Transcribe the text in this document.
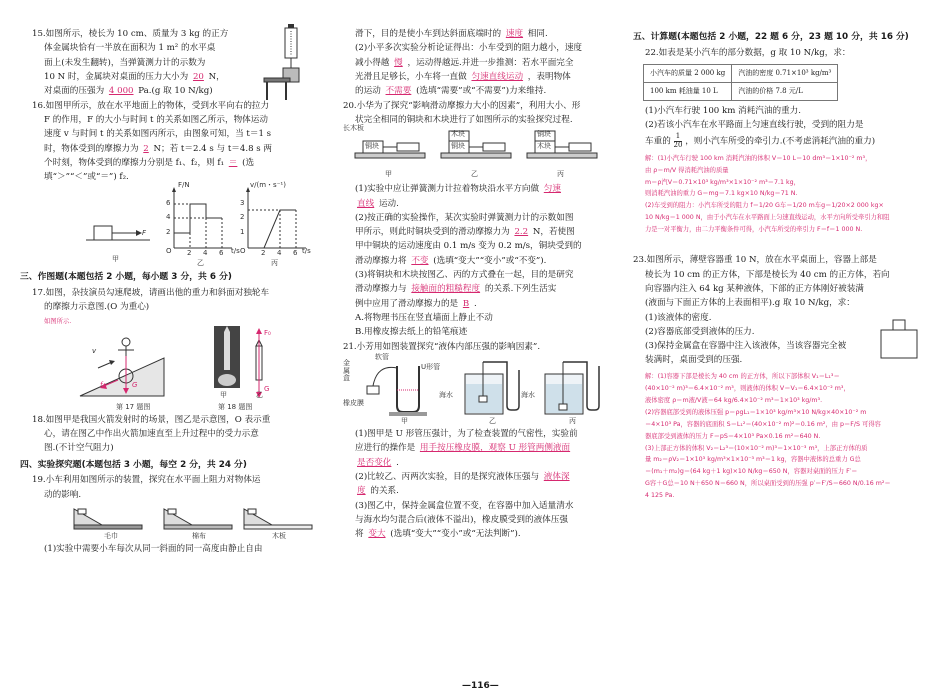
15.如图所示，棱长为 10 cm、质量为 3 kg 的正方

体金属块恰有一半放在面积为 1 m² 的水平桌

面上(未发生翻转)，当弹簧测力计的示数为

10 N 时，金属块对桌面的压力大小为 20 N，

对桌面的压强为 4 000 Pa.(g 取 10 N/kg)

16.如图甲所示，放在水平地面上的物体，受到水平向右的拉力

F 的作用，F 的大小与时间 t 的关系如图乙所示，物体运动

速度 v 与时间 t 的关系如图丙所示，由图象可知，当 t＝1 s

时，物体受到的摩擦力为 2 N；若 t＝2.4 s 与 t＝4.8 s 两

个时刻，物体受到的摩擦力分别是 f₁、f₂，则 f₁ ＝ (选

填“＞”“＜”或“＝”) f₂.

F
甲
F/N
6
4
2
O 2 4 6 t/s
乙
v/(m・s⁻¹)
3
2
1
O 2 4 6 t/s
丙

三、作图题(本题包括 2 小题，每小题 3 分，共 6 分)

17.如图，杂技演员勾速爬坡，请画出他的重力和斜面对独轮车

的摩擦力示意图.(O 为重心)

如图所示.

v
G
f
第 17 题图
甲	乙
F₀
G
第 18 题图

18.如图甲是我国火箭发射时的场景，图乙是示意图，O 表示重

心，请在图乙中作出火箭加速直至上升过程中的受力示意

图.(不计空气阻力)

四、实验探究题(本题包括 3 小题，每空 2 分，共 24 分)

19.小车利用如图所示的装置，探究在水平面上阻力对物体运

动的影响.

毛巾	棉布	木板

(1)实验中需要小车每次从同一斜面的同一高度由静止自由

滑下，目的是使小车到达斜面底端时的 速度 相同.

(2)小平多次实验分析论证得出：小车受到的阻力越小，速度

减小得越 慢 ，运动得越远.并进一步推测：若水平面完全

光滑且足够长，小车将一直做 匀速直线运动 ，表明物体

的运动 不需要 (选填“需要”或“不需要”)力来维持.

20.小华为了探究“影响滑动摩擦力大小的因素”，利用大小、形

状完全相同的铜块和木块进行了如图所示的实验探究过程.

长木板
铜块
木块
铜块
铜块
木块
甲	乙	丙

(1)实验中应让弹簧测力计拉着物块沿水平方向做 匀速

直线 运动.

(2)按正确的实验操作，某次实验时弹簧测力计的示数如图

甲所示，则此时铜块受到的滑动摩擦力为 2.2 N，若使图

甲中铜块的运动速度由 0.1 m/s 变为 0.2 m/s，铜块受到的

滑动摩擦力将 不变 (选填“变大”“变小”或“不变”).

(3)将铜块和木块按图乙、丙的方式叠在一起，目的是研究

滑动摩擦力与 接触面的粗糙程度 的关系.下列生活实

例中应用了滑动摩擦力的是 B .

A.将物理书压在竖直墙面上静止不动

B.用橡皮擦去纸上的铅笔痕迹

21.小芳用如图装置探究“液体内部压强的影响因素”.

金属盒
软管
U形管
橡皮膜
甲
海水
乙
海水
丙

(1)图甲是 U 形管压强计，为了检查装置的气密性，实验前

应进行的操作是 用手按压橡皮膜，观察 U 形管两侧液面

是否变化 .

(2)比较乙、丙两次实验，目的是探究液体压强与 液体深

度 的关系.

(3)图乙中，保持金属盒位置不变，在容器中加入适量清水

与海水均匀混合后(液体不溢出)，橡皮膜受到的液体压强

将 变大 (选填“变大”“变小”或“无法判断”).

五、计算题(本题包括 2 小题，22 题 6 分，23 题 10 分，共 16 分)

22.如表是某小汽车的部分数据，g 取 10 N/kg，求：

小汽车的质量 2 000 kg	汽油的密度 0.71×10³ kg/m³
100 km 耗油量 10 L	汽油的价格 7.8 元/L

(1)小汽车行驶 100 km 消耗汽油的重力.

(2)若该小汽车在水平路面上匀速直线行驶，受到的阻力是

车重的 $\frac{1}{20}$ ，则小汽车所受的牵引力.(不考虑消耗汽油的重力)

解：(1)小汽车行驶 100 km 消耗汽油的体积 V＝10 L＝10 dm³＝1×10⁻² m³，

由 ρ＝m/V 得消耗汽油的质量

m＝ρ汽V＝0.71×10³ kg/m³×1×10⁻² m³＝7.1 kg，

则消耗汽油的重力 G＝mg＝7.1 kg×10 N/kg＝71 N.

(2)车受到的阻力：小汽车所受的阻力 f＝1/20 G车＝1/20 m车g＝1/20×2 000 kg×

10 N/kg＝1 000 N，由于小汽车在水平路面上匀速直线运动，水平方向所受牵引力和阻

力是一对平衡力，由二力平衡条件可得，小汽车所受的牵引力 F＝f＝1 000 N.

23.如图所示，薄壁容器重 10 N，放在水平桌面上，容器上部是

棱长为 10 cm 的正方体，下部是棱长为 40 cm 的正方体，若向

向容器内注入 64 kg 某种液体，下部的正方体刚好被装满

(液面与下面正方体的上表面相平).g 取 10 N/kg，求：

(1)该液体的密度.

(2)容器底部受到液体的压力.

(3)保持金属盒在容器中注入该液体，当该容器完全被

装满时，桌面受到的压强.

解：(1)容器下部是棱长为 40 cm 的正方体，所以下部体积 V₁＝L₁³＝

(40×10⁻² m)³＝6.4×10⁻² m³，则液体的体积 V＝V₁＝6.4×10⁻² m³，

液体密度 ρ＝m液/V液＝64 kg/6.4×10⁻² m³＝1×10³ kg/m³.

(2)容器底部受到的液体压强 p＝ρgL₁＝1×10³ kg/m³×10 N/kg×40×10⁻² m

＝4×10³ Pa，容器的底面积 S＝L₁²＝(40×10⁻² m)²＝0.16 m²，由 p＝F/S 可得容

器底部受到液体的压力 F＝pS＝4×10³ Pa×0.16 m²＝640 N.

(3)上部正方体的体积 V₂＝L₂³＝(10×10⁻² m)³＝1×10⁻³ m³，上部正方体的质

量 m₂＝ρV₂＝1×10³ kg/m³×1×10⁻³ m³＝1 kg，容器中液体的总重力 G总

＝(m₁＋m₂)g＝(64 kg＋1 kg)×10 N/kg＝650 N，容器对桌面的压力 F′＝

G容＋G总＝10 N＋650 N＝660 N，所以桌面受到的压强 p′＝F′/S＝660 N/0.16 m²＝

4 125 Pa.

—116—
